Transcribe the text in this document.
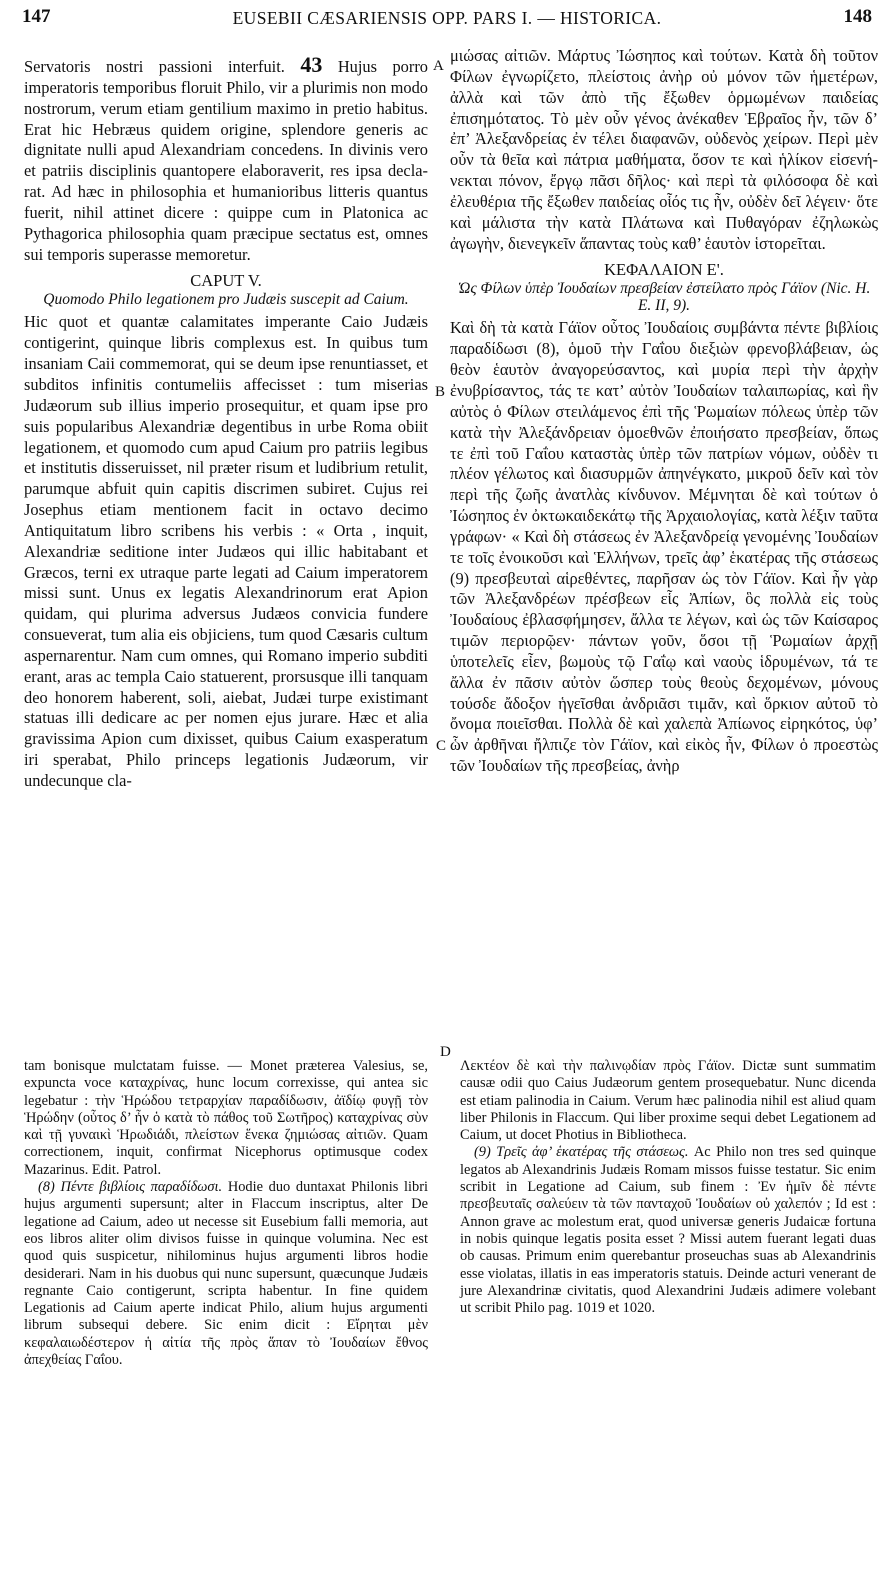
147	EUSEBII CÆSARIENSIS OPP. PARS I. — HISTORICA.	148
A
B
C
D

Servatoris nostri passioni interfuit. 43 Hujus porro imperatoris temporibus floruit Philo, vir a plurimis non modo nostrorum, verum etiam gentilium maximo in pretio habitus. Erat hic Hebræus quidem origine, splendore generis ac dignitate nulli apud Alexandriam concedens. In divinis vero et patriis disciplinis quantopere elaboraverit, res ipsa declarat. Ad hæc in philosophia et humanioribus litteris quantus fuerit, nihil attinet dicere : quippe cum in Platonica ac Pythagorica philosophia quam præcipue sectatus est, omnes sui temporis superasse memoretur.

CAPUT V.
Quomodo Philo legationem pro Judæis suscepit ad Caium.

Hic quot et quantæ calamitates imperante Caio Judæis contigerint, quinque libris complexus est. In quibus tum insaniam Caii commemorat, qui se deum ipse renuntiasset, et subditos infinitis contumeliis affecisset : tum miserias Judæorum sub illius imperio prosequitur, et quam ipse pro suis popularibus Alexandriæ degentibus in urbe Roma obiit legationem, et quomodo cum apud Caium pro patriis legibus et institutis disseruisset, nil præter risum et ludibrium retulit, parumque abfuit quin capitis discrimen subiret. Cujus rei Josephus etiam mentionem facit in octavo decimo Antiquitatum libro scribens his verbis : « Orta , inquit, Alexandriæ seditione inter Judæos qui illic habitabant et Græcos, terni ex utraque parte legati ad Caium imperatorem missi sunt. Unus ex legatis Alexandrinorum erat Apion quidam, qui plurima adversus Judæos convicia fundere consueverat, tum alia eis objiciens, tum quod Cæsaris cultum aspernarentur. Nam cum omnes, qui Romano imperio subditi erant, aras ac templa Caio statuerent, prorsusque illi tanquam deo honorem haberent, soli, aiebat, Judæi turpe existimant statuas illi dedicare ac per nomen ejus jurare. Hæc et alia gravissima Apion cum dixisset, quibus Caium exasperatum iri sperabat, Philo princeps legationis Judæorum, vir undecunque cla-

μιώσας αἰτιῶν. Μάρτυς Ἰώσηπος καὶ τούτων. Κατὰ δὴ τοῦτον Φίλων ἐγνωρίζετο, πλείστοις ἀνὴρ οὐ μόνον τῶν ἡμετέρων, ἀλλὰ καὶ τῶν ἀπὸ τῆς ἔξωθεν ὁρμωμένων παιδείας ἐπισημότατος. Τὸ μὲν οὖν γένος ἀνέκαθεν Ἑβραῖος ἦν, τῶν δ’ ἐπ’ Ἀλεξανδρείας ἐν τέλει διαφανῶν, οὐδενὸς χείρων. Περὶ μὲν οὖν τὰ θεῖα καὶ πάτρια μαθήματα, ὅσον τε καὶ ἡλίκον εἰσενήνεκται πόνον, ἔργῳ πᾶσι δῆλος· καὶ περὶ τὰ φιλόσοφα δὲ καὶ ἐλευθέρια τῆς ἔξωθεν παιδείας οἷός τις ἦν, οὐδὲν δεῖ λέγειν· ὅτε καὶ μάλιστα τὴν κατὰ Πλάτωνα καὶ Πυθαγόραν ἐζηλωκὼς ἀγωγὴν, διενεγκεῖν ἅπαντας τοὺς καθ’ ἑαυτὸν ἱστορεῖται.

ΚΕΦΑΛΑΙΟΝ Ε'.
Ὡς Φίλων ὑπὲρ Ἰουδαίων πρεσβείαν ἐστείλατο πρὸς Γάϊον (Nic. H. E. II, 9).

Καὶ δὴ τὰ κατὰ Γάϊον οὗτος Ἰουδαίοις συμβάντα πέντε βιβλίοις παραδίδωσι (8), ὁμοῦ τὴν Γαΐου διεξιὼν φρενοβλάβειαν, ὡς θεὸν ἑαυτὸν ἀναγορεύσαντος, καὶ μυρία περὶ τὴν ἀρχὴν ἐνυβρίσαντος, τάς τε κατ’ αὐτὸν Ἰουδαίων ταλαιπωρίας, καὶ ἣν αὐτὸς ὁ Φίλων στειλάμενος ἐπὶ τῆς Ῥωμαίων πόλεως ὑπὲρ τῶν κατὰ τὴν Ἀλεξάνδρειαν ὁμοεθνῶν ἐποιήσατο πρεσβείαν, ὅπως τε ἐπὶ τοῦ Γαΐου καταστὰς ὑπὲρ τῶν πατρίων νόμων, οὐδὲν τι πλέον γέλωτος καὶ διασυρμῶν ἀπηνέγκατο, μικροῦ δεῖν καὶ τὸν περὶ τῆς ζωῆς ἀνατλὰς κίνδυνον. Μέμνηται δὲ καὶ τούτων ὁ Ἰώσηπος ἐν ὀκτωκαιδεκάτῳ τῆς Ἀρχαιολογίας, κατὰ λέξιν ταῦτα γράφων· « Καὶ δὴ στάσεως ἐν Ἀλεξανδρείᾳ γενομένης Ἰουδαίων τε τοῖς ἐνοικοῦσι καὶ Ἑλλήνων, τρεῖς ἀφ’ ἑκατέρας τῆς στάσεως (9) πρεσβευταὶ αἱρεθέντες, παρῆσαν ὡς τὸν Γάϊον. Καὶ ἦν γὰρ τῶν Ἀλεξανδρέων πρέσβεων εἷς Ἀπίων, ὃς πολλὰ εἰς τοὺς Ἰουδαίους ἐβλασφήμησεν, ἄλλα τε λέγων, καὶ ὡς τῶν Καίσαρος τιμῶν περιορῷεν· πάντων γοῦν, ὅσοι τῇ Ῥωμαίων ἀρχῇ ὑποτελεῖς εἶεν, βωμοὺς τῷ Γαΐῳ καὶ ναοὺς ἱδρυμένων, τά τε ἄλλα ἐν πᾶσιν αὐτὸν ὥσπερ τοὺς θεοὺς δεχομένων, μόνους τούσδε ἄδοξον ἡγεῖσθαι ἀνδριᾶσι τιμᾶν, καὶ ὅρκιον αὐτοῦ τὸ ὄνομα ποιεῖσθαι. Πολλὰ δὲ καὶ χαλεπὰ Ἀπίωνος εἰρηκότος, ὑφ’ ὧν ἀρθῆναι ἤλπιζε τὸν Γάϊον, καὶ εἰκὸς ἦν, Φίλων ὁ προεστὼς τῶν Ἰουδαίων τῆς πρεσβείας, ἀνὴρ

tam bonisque mulctatam fuisse. — Monet præterea Valesius, se, expuncta voce καταχρίνας, hunc locum correxisse, qui antea sic legebatur : τὴν Ἡρώδου τετραρχίαν παραδίδωσιν, ἀϊδίῳ φυγῇ τὸν Ἡρώδην (οὗτος δ’ ἦν ὁ κατὰ τὸ πάθος τοῦ Σωτῆρος) καταχρίνας σὺν καὶ τῇ γυναικὶ Ἡρωδιάδι, πλείστων ἕνεκα ζημιώσας αἰτιῶν. Quam correctionem, inquit, confirmat Nicephorus optimusque codex Mazarinus. Edit. Patrol.

(8) Πέντε βιβλίοις παραδίδωσι. Hodie duo duntaxat Philonis libri hujus argumenti supersunt; alter in Flaccum inscriptus, alter De legatione ad Caium, adeo ut necesse sit Eusebium falli memoria, aut eos libros aliter olim divisos fuisse in quinque volumina. Nec est quod quis suspicetur, nihilominus hujus argumenti libros hodie desiderari. Nam in his duobus qui nunc supersunt, quæcunque Judæis regnante Caio contigerunt, scripta habentur. In fine quidem Legationis ad Caium aperte indicat Philo, alium hujus argumenti librum subsequi debere. Sic enim dicit : Εἴρηται μὲν κεφαλαιωδέστερον ἡ αἰτία τῆς πρὸς ἅπαν τὸ Ἰουδαίων ἔθνος ἀπεχθείας Γαΐου.

Λεκτέον δὲ καὶ τὴν παλινῳδίαν πρὸς Γάϊον. Dictæ sunt summatim causæ odii quo Caius Judæorum gentem prosequebatur. Nunc dicenda est etiam palinodia in Caium. Verum hæc palinodia nihil est aliud quam liber Philonis in Flaccum. Qui liber proxime sequi debet Legationem ad Caium, ut docet Photius in Bibliotheca.

(9) Τρεῖς ἀφ’ ἑκατέρας τῆς στάσεως. Ac Philo non tres sed quinque legatos ab Alexandrinis Judæis Romam missos fuisse testatur. Sic enim scribit in Legatione ad Caium, sub finem : Ἐν ἡμῖν δὲ πέντε πρεσβευταῖς σαλεύειν τὰ τῶν πανταχοῦ Ἰουδαίων οὐ χαλεπόν ; Id est : Annon grave ac molestum erat, quod universæ generis Judaicæ fortuna in nobis quinque legatis posita esset ? Missi autem fuerant legati duas ob causas. Primum enim querebantur proseuchas suas ab Alexandrinis esse violatas, illatis in eas imperatoris statuis. Deinde acturi venerant de jure Alexandrinæ civitatis, quod Alexandrini Judæis adimere volebant ut scribit Philo pag. 1019 et 1020.
